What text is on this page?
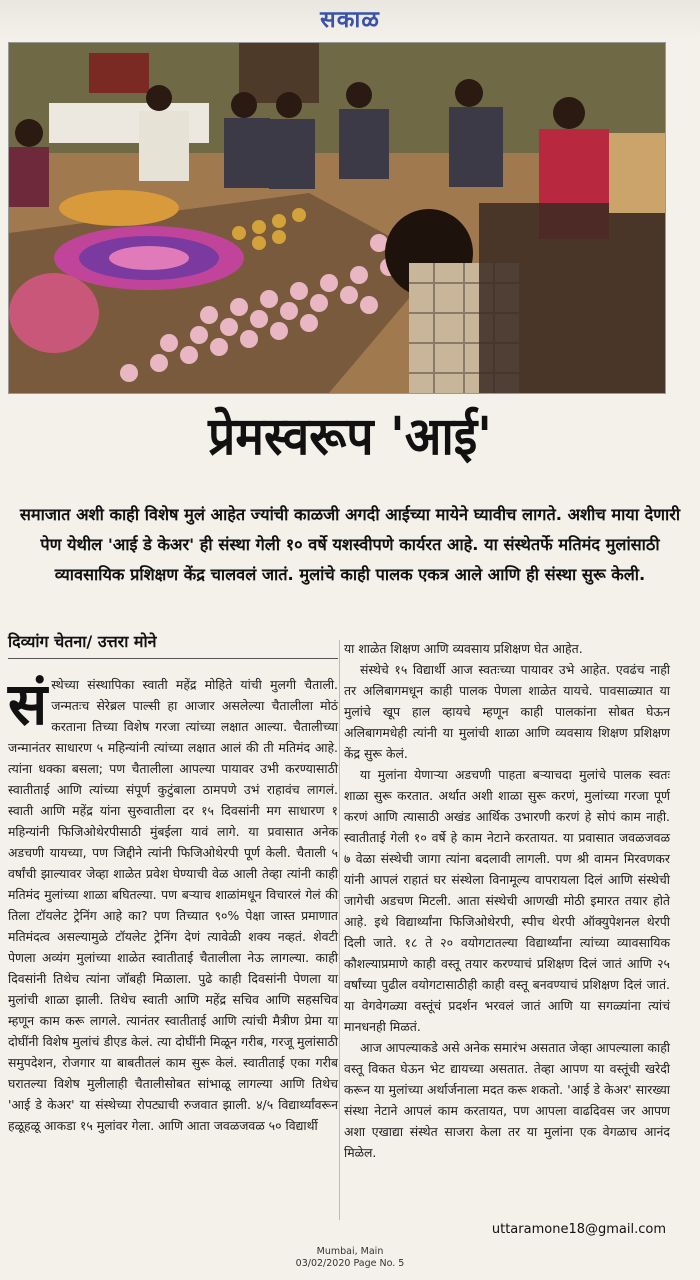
सकाळ
प्रेमस्वरूप 'आई'
समाजात अशी काही विशेष मुलं आहेत ज्यांची काळजी अगदी आईच्या मायेने घ्यावीच लागते. अशीच माया देणारी पेण येथील 'आई डे केअर' ही संस्था गेली १० वर्षे यशस्वीपणे कार्यरत आहे. या संस्थेतर्फे मतिमंद मुलांसाठी व्यावसायिक प्रशिक्षण केंद्र चालवलं जातं. मुलांचे काही पालक एकत्र आले आणि ही संस्था सुरू केली.
दिव्यांग चेतना/ उत्तरा मोने

संस्थेच्या संस्थापिका स्वाती महेंद्र मोहिते यांची मुलगी चैताली. जन्मतःच सेरेब्रल पाल्सी हा आजार असलेल्या चैतालीला मोठं करताना तिच्या विशेष गरजा त्यांच्या लक्षात आल्या. चैतालीच्या जन्मानंतर साधारण ५ महिन्यांनी त्यांच्या लक्षात आलं की ती मतिमंद आहे. त्यांना धक्का बसला; पण चैतालीला आपल्या पायावर उभी करण्यासाठी स्वातीताई आणि त्यांच्या संपूर्ण कुटुंबाला ठामपणे उभं राहावंच लागलं. स्वाती आणि महेंद्र यांना सुरुवातीला दर १५ दिवसांनी मग साधारण १ महिन्यांनी फिजिओथेरपीसाठी मुंबईला यावं लागे. या प्रवासात अनेक अडचणी यायच्या, पण जिद्दीने त्यांनी फिजिओथेरपी पूर्ण केली. चैताली ५ वर्षांची झाल्यावर जेव्हा शाळेत प्रवेश घेण्याची वेळ आली तेव्हा त्यांनी काही मतिमंद मुलांच्या शाळा बघितल्या. पण बऱ्याच शाळांमधून विचारलं गेलं की तिला टॉयलेट ट्रेनिंग आहे का? पण तिच्यात ९०% पेक्षा जास्त प्रमाणात मतिमंदत्व असल्यामुळे टॉयलेट ट्रेनिंग देणं त्यावेळी शक्य नव्हतं. शेवटी पेणला अव्यंग मुलांच्या शाळेत स्वातीताई चैतालीला नेऊ लागल्या. काही दिवसांनी तिथेच त्यांना जॉबही मिळाला. पुढे काही दिवसांनी पेणला या मुलांची शाळा झाली. तिथेच स्वाती आणि महेंद्र सचिव आणि सहसचिव म्हणून काम करू लागले. त्यानंतर स्वातीताई आणि त्यांची मैत्रीण प्रेमा या दोघींनी विशेष मुलांचं डीएड केलं. त्या दोघींनी मिळून गरीब, गरजू मुलांसाठी समुपदेशन, रोजगार या बाबतीतलं काम सुरू केलं. स्वातीताई एका गरीब घरातल्या विशेष मुलीलाही चैतालीसोबत सांभाळू लागल्या आणि तिथेच 'आई डे केअर' या संस्थेच्या रोपट्याची रुजवात झाली. ४/५ विद्यार्थ्यांवरून हळूहळू आकडा १५ मुलांवर गेला. आणि आता जवळजवळ ५० विद्यार्थी

या शाळेत शिक्षण आणि व्यवसाय प्रशिक्षण घेत आहेत.

संस्थेचे १५ विद्यार्थी आज स्वतःच्या पायावर उभे आहेत. एवढंच नाही तर अलिबागमधून काही पालक पेणला शाळेत यायचे. पावसाळ्यात या मुलांचे खूप हाल व्हायचे म्हणून काही पालकांना सोबत घेऊन अलिबागमधेही त्यांनी या मुलांची शाळा आणि व्यवसाय शिक्षण प्रशिक्षण केंद्र सुरू केलं.

या मुलांना येणाऱ्या अडचणी पाहता बऱ्याचदा मुलांचे पालक स्वतः शाळा सुरू करतात. अर्थात अशी शाळा सुरू करणं, मुलांच्या गरजा पूर्ण करणं आणि त्यासाठी अखंड आर्थिक उभारणी करणं हे सोपं काम नाही. स्वातीताई गेली १० वर्षे हे काम नेटाने करतायत. या प्रवासात जवळजवळ ७ वेळा संस्थेची जागा त्यांना बदलावी लागली. पण श्री वामन मिरवणकर यांनी आपलं राहातं घर संस्थेला विनामूल्य वापरायला दिलं आणि संस्थेची जागेची अडचण मिटली. आता संस्थेची आणखी मोठी इमारत तयार होते आहे. इथे विद्यार्थ्यांना फिजिओथेरपी, स्पीच थेरपी ऑक्युपेशनल थेरपी दिली जाते. १८ ते २० वयोगटातल्या विद्यार्थ्यांना त्यांच्या व्यावसायिक कौशल्याप्रमाणे काही वस्तू तयार करण्याचं प्रशिक्षण दिलं जातं आणि २५ वर्षांच्या पुढील वयोगटासाठीही काही वस्तू बनवण्याचं प्रशिक्षण दिलं जातं. या वेगवेगळ्या वस्तूंचं प्रदर्शन भरवलं जातं आणि या सगळ्यांना त्यांचं मानधनही मिळतं.

आज आपल्याकडे असे अनेक समारंभ असतात जेव्हा आपल्याला काही वस्तू विकत घेऊन भेट द्यायच्या असतात. तेव्हा आपण या वस्तूंची खरेदी करून या मुलांच्या अर्थार्जनाला मदत करू शकतो. 'आई डे केअर' सारख्या संस्था नेटाने आपलं काम करतायत, पण आपला वाढदिवस जर आपण अशा एखाद्या संस्थेत साजरा केला तर या मुलांना एक वेगळाच आनंद मिळेल.

uttaramone18@gmail.com
Mumbai, Main
03/02/2020 Page No. 5
